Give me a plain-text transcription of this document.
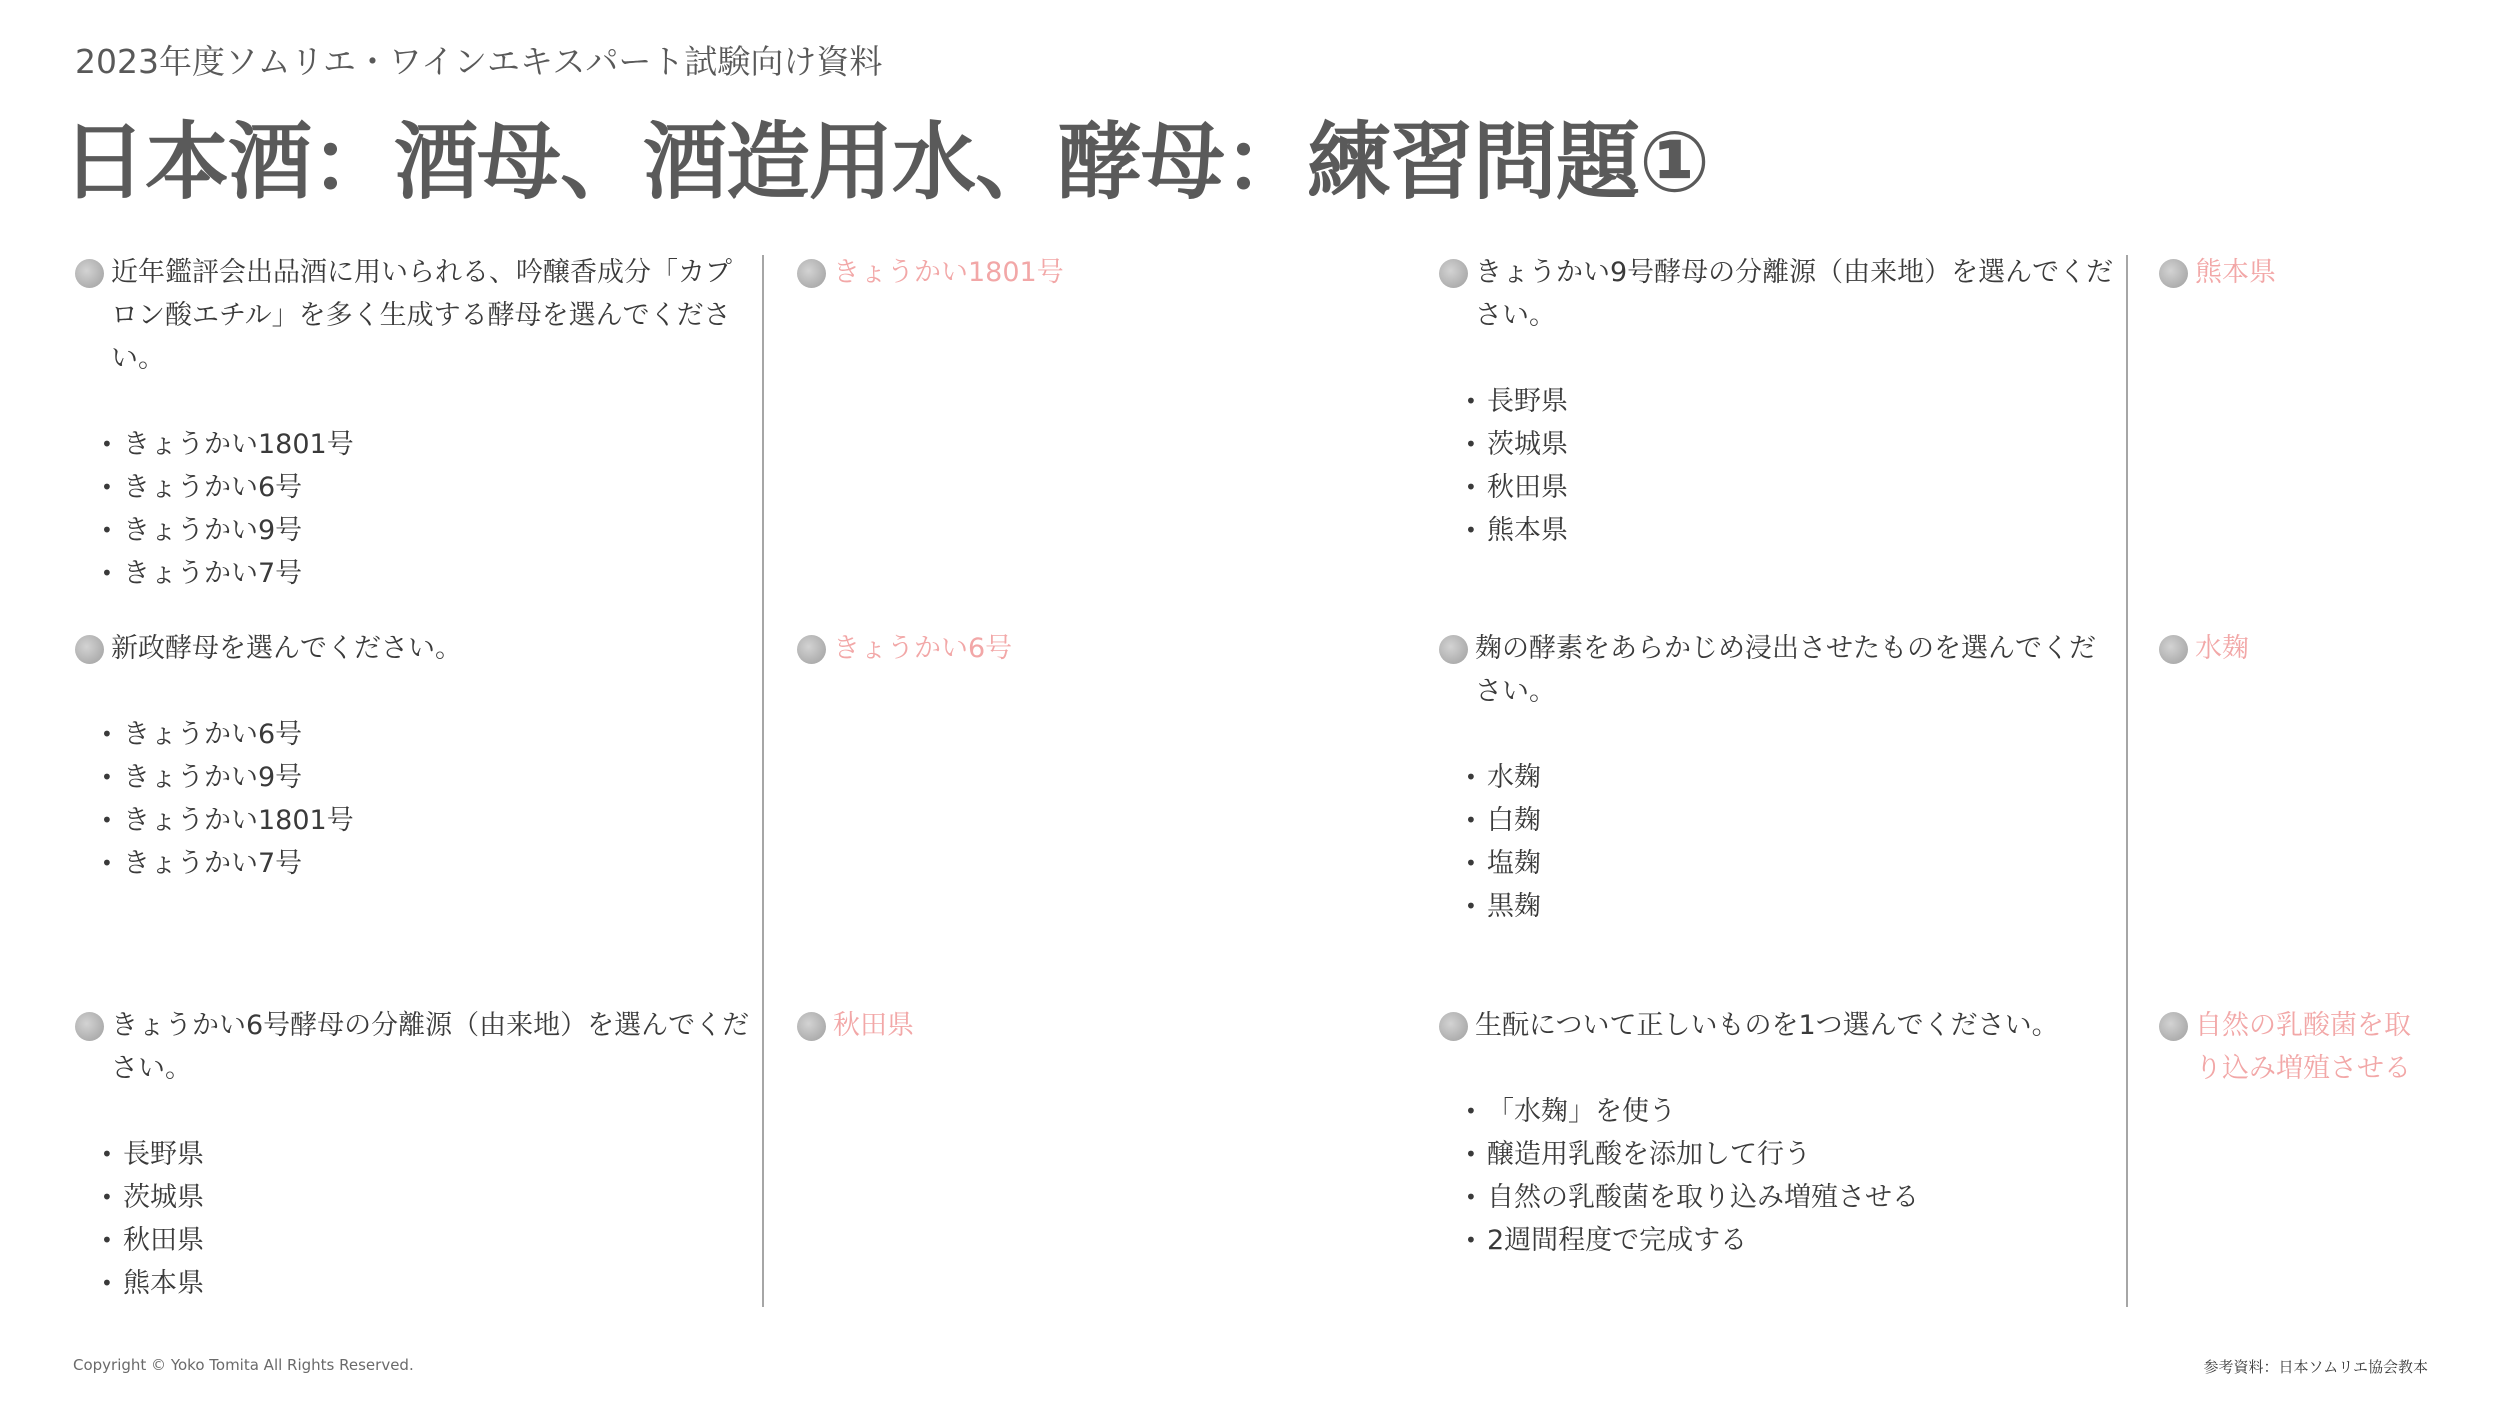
2023年度ソムリエ・ワインエキスパート試験向け資料
日本酒：酒母、酒造用水、酵母：練習問題①
近年鑑評会出品酒に用いられる、吟醸香成分「カプロン酸エチル」を多く生成する酵母を選んでください。
• きょうかい1801号
• きょうかい6号
• きょうかい9号
• きょうかい7号
きょうかい1801号
新政酵母を選んでください。
• きょうかい6号
• きょうかい9号
• きょうかい1801号
• きょうかい7号
きょうかい6号
きょうかい6号酵母の分離源（由来地）を選んでください。
• 長野県
• 茨城県
• 秋田県
• 熊本県
秋田県
きょうかい9号酵母の分離源（由来地）を選んでください。
• 長野県
• 茨城県
• 秋田県
• 熊本県
熊本県
麹の酵素をあらかじめ浸出させたものを選んでください。
• 水麹
• 白麹
• 塩麹
• 黒麹
水麹
生酛について正しいものを1つ選んでください。
• 「水麹」を使う
• 醸造用乳酸を添加して行う
• 自然の乳酸菌を取り込み増殖させる
• 2週間程度で完成する
自然の乳酸菌を取り込み増殖させる
Copyright © Yoko Tomita All Rights Reserved.	参考資料：日本ソムリエ協会教本
